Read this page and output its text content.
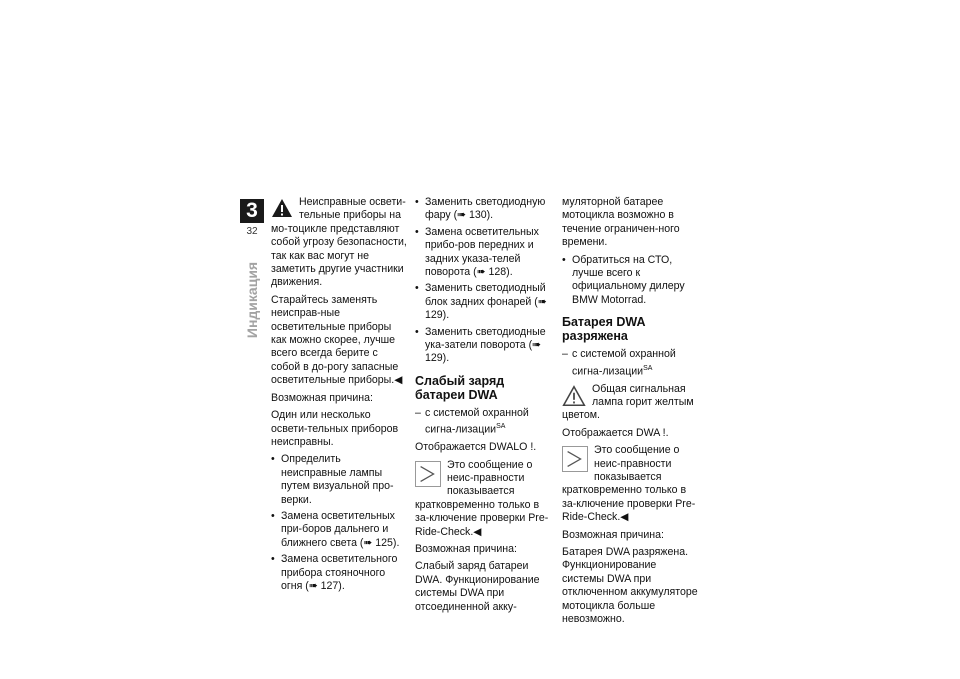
3
32
Индикация

Неисправные освети-тельные приборы на мо-тоцикле представляют собой угрозу безопасности, так как вас могут не заметить другие участники движения.

Старайтесь заменять неисправ-ные осветительные приборы как можно скорее, лучше всего всегда берите с собой в до-рогу запасные осветительные приборы.◀

Возможная причина:

Один или несколько освети-тельных приборов неисправны.

• Определить неисправные лампы путем визуальной про-верки.
• Замена осветительных при-боров дальнего и ближнего света (➠ 125).
• Замена осветительного прибора стояночного огня (➠ 127).
• Заменить светодиодную фару (➠ 130).
• Замена осветительных прибо-ров передних и задних указа-телей поворота (➠ 128).
• Заменить светодиодный блок задних фонарей (➠ 129).
• Заменить светодиодные ука-затели поворота (➠ 129).
Слабый заряд батареи DWA
– с системой охранной сигна-лизации$^{SA}$

Отображается DWALO !.

Это сообщение о неис-правности показывается кратковременно только в за-ключение проверки Pre-Ride-Check.◀

Возможная причина:

Слабый заряд батареи DWA. Функционирование системы DWA при отсоединенной акку-

муляторной батарее мотоцикла возможно в течение ограничен-ного времени.

• Обратиться на СТО, лучше всего к официальному дилеру BMW Motorrad.
Батарея DWA разряжена
– с системой охранной сигна-лизации$^{SA}$

Общая сигнальная лампа горит желтым цветом.

Отображается DWA !.

Это сообщение о неис-правности показывается кратковременно только в за-ключение проверки Pre-Ride-Check.◀

Возможная причина:

Батарея DWA разряжена. Функционирование системы DWA при отключенном аккумуляторе мотоцикла больше невозможно.
